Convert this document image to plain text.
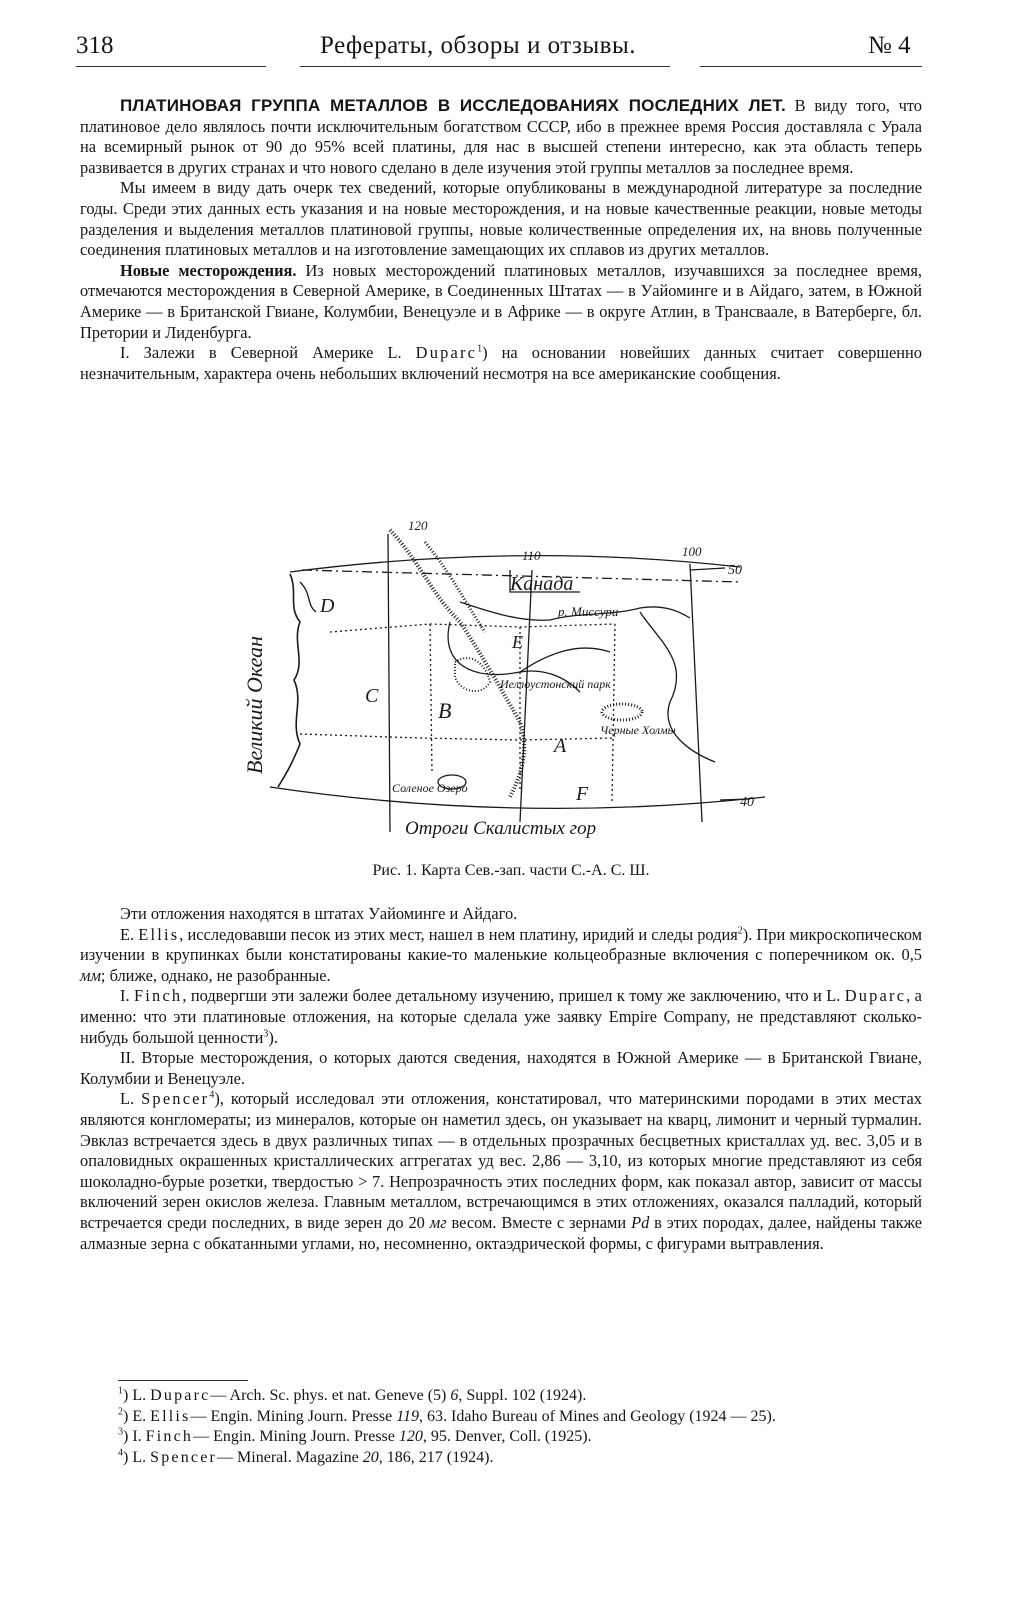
318	Рефераты, обзоры и отзывы.	№ 4

ПЛАТИНОВАЯ ГРУППА МЕТАЛЛОВ В ИССЛЕДОВАНИЯХ ПОСЛЕДНИХ ЛЕТ. В виду того, что платиновое дело являлось почти исключительным богатством СССР, ибо в прежнее время Россия доставляла с Урала на всемирный рынок от 90 до 95% всей платины, для нас в высшей степени интересно, как эта область теперь развивается в других странах и что нового сделано в деле изучения этой группы металлов за последнее время.

Мы имеем в виду дать очерк тех сведений, которые опубликованы в международной литературе за последние годы. Среди этих данных есть указания и на новые месторождения, и на новые качественные реакции, новые методы разделения и выделения металлов платиновой группы, новые количественные определения их, на вновь полученные соединения платиновых металлов и на изготовление замещающих их сплавов из других металлов.

Новые месторождения. Из новых месторождений платиновых металлов, изучавшихся за последнее время, отмечаются месторождения в Северной Америке, в Соединенных Штатах — в Уайоминге и в Айдаго, затем, в Южной Америке — в Британской Гвиане, Колумбии, Венецуэле и в Африке — в округе Атлин, в Трансваале, в Ватерберге, бл. Претории и Лиденбурга.

I. Залежи в Северной Америке L. Duparc$^1$) на основании новейших данных считает совершенно незначительным, характера очень небольших включений несмотря на все американские сообщения.

120
110	100
50
40
Канада
р. Миссури
Иеллоустонский парк
Черные Холмы
Соленое Озеро
Отроги Скалистых гор
Великий Океан
D
E
C
B
A
F
Рис. 1. Карта Сев.-зап. части С.-А. С. Ш.

Эти отложения находятся в штатах Уайоминге и Айдаго.

E. Ellis, исследовавши песок из этих мест, нашел в нем платину, иридий и следы родия$^2$). При микроскопическом изучении в крупинках были констатированы какие-то маленькие кольцеобразные включения с поперечником ок. 0,5 мм; ближе, однако, не разобранные.

I. Finch, подвергши эти залежи более детальному изучению, пришел к тому же заключению, что и L. Duparc, а именно: что эти платиновые отложения, на которые сделала уже заявку Empire Company, не представляют сколько-нибудь большой ценности$^3$).

II. Вторые месторождения, о которых даются сведения, находятся в Южной Америке — в Британской Гвиане, Колумбии и Венецуэле.

L. Spencer$^4$), который исследовал эти отложения, констатировал, что материнскими породами в этих местах являются конгломераты; из минералов, которые он наметил здесь, он указывает на кварц, лимонит и черный турмалин. Эвклаз встречается здесь в двух различных типах — в отдельных прозрачных бесцветных кристаллах уд. вес. 3,05 и в опаловидных окрашенных кристаллических аггрегатах уд вес. 2,86 — 3,10, из которых многие представляют из себя шоколадно-бурые розетки, твердостью > 7. Непрозрачность этих последних форм, как показал автор, зависит от массы включений зерен окислов железа. Главным металлом, встречающимся в этих отложениях, оказался палладий, который встречается среди последних, в виде зерен до 20 мг весом. Вместе с зернами Pd в этих породах, далее, найдены также алмазные зерна с обкатанными углами, но, несомненно, октаэдрической формы, с фигурами вытравления.

$^1$) L. Duparc— Arch. Sc. phys. et nat. Geneve (5) 6, Suppl. 102 (1924).

$^2$) E. Ellis— Engin. Mining Journ. Presse 119, 63. Idaho Bureau of Mines and Geology (1924 — 25).

$^3$) I. Finch— Engin. Mining Journ. Presse 120, 95. Denver, Coll. (1925).

$^4$) L. Spencer— Mineral. Magazine 20, 186, 217 (1924).
